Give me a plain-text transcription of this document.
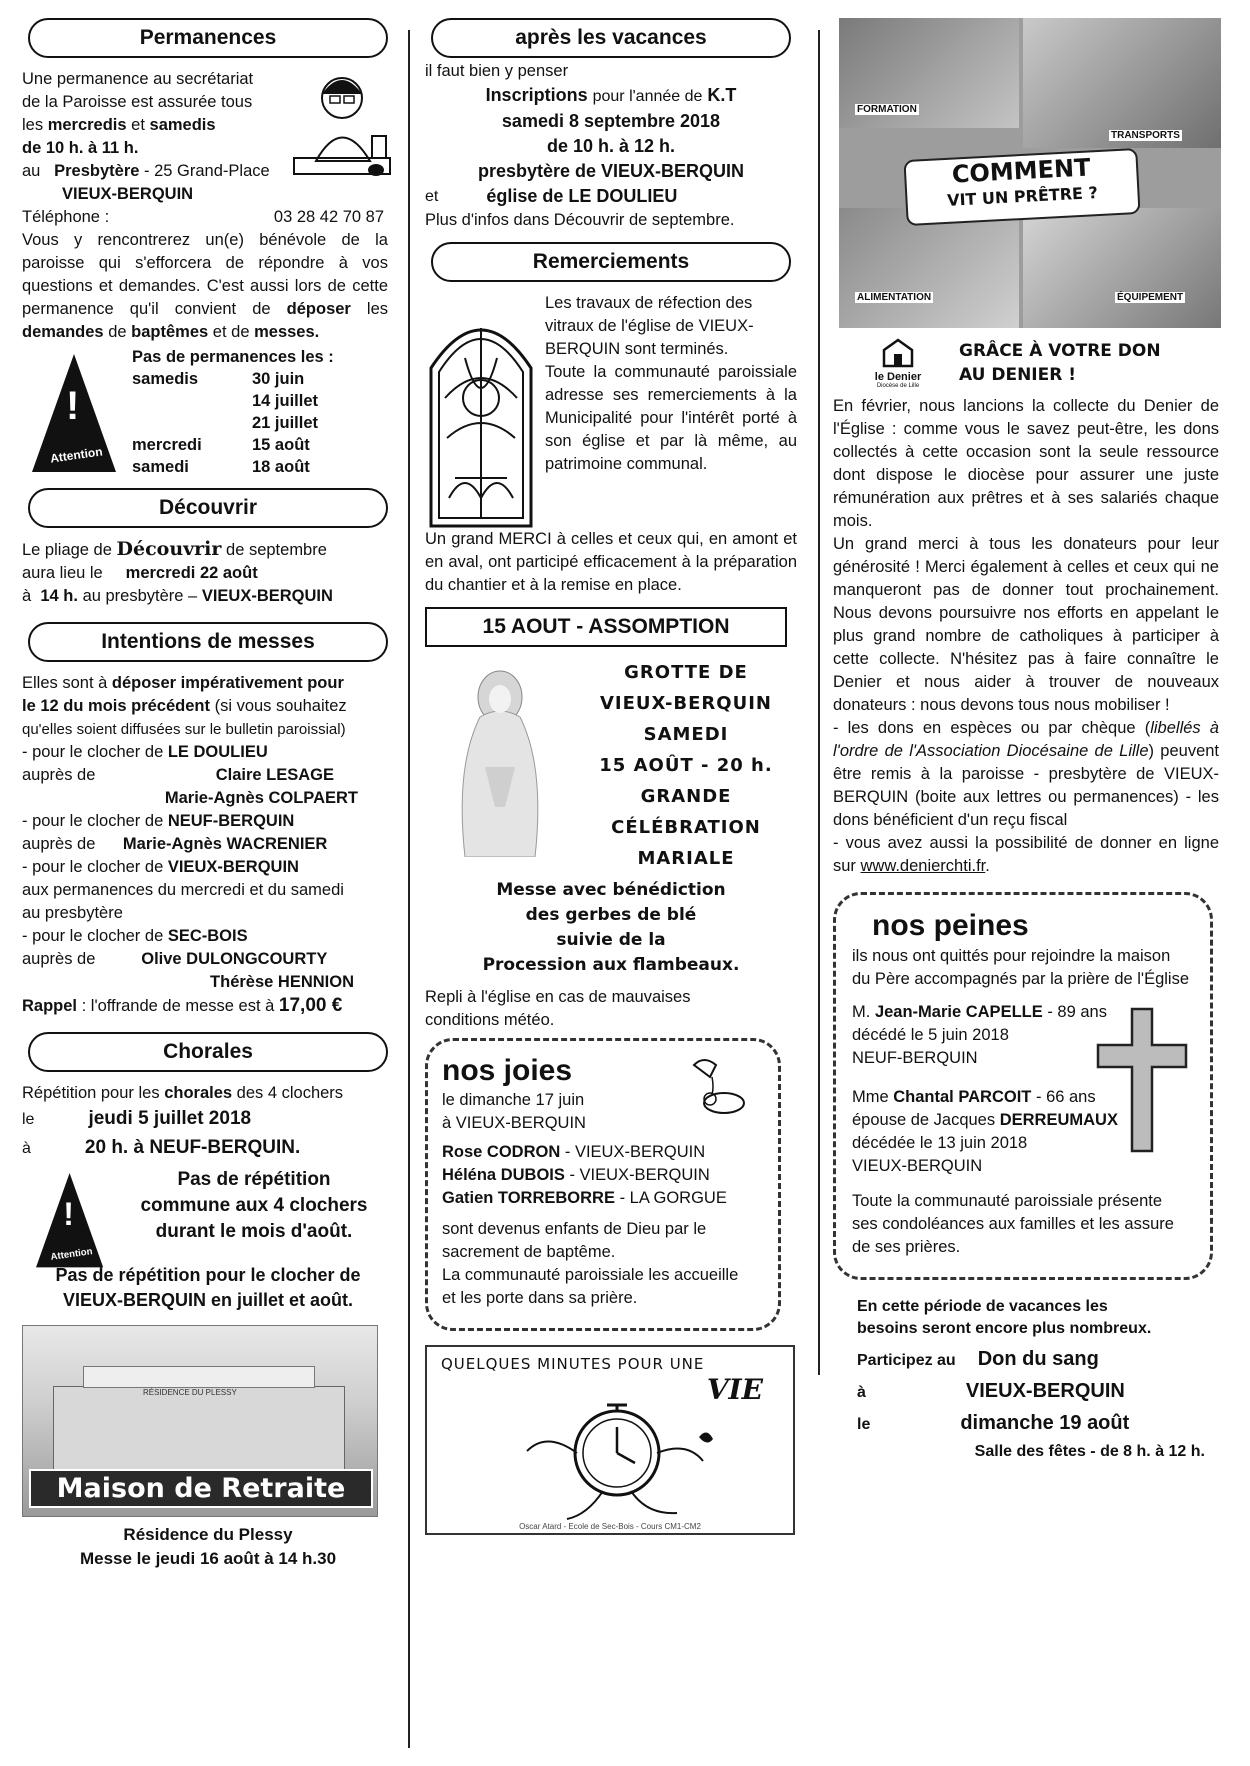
Permanences

Une permanence au secrétariat

de la Paroisse est assurée tous

les mercredis et samedis

de 10 h. à 11 h.

au Presbytère - 25 Grand-Place

VIEUX-BERQUIN

Téléphone :	03 28 42 70 87

Vous y rencontrerez un(e) bénévole de la paroisse qui s'efforcera de répondre à vos questions et demandes. C'est aussi lors de cette permanence qu'il convient de déposer les demandes de baptêmes et de messes.

!
Attention

Pas de permanences les :

samedis	30 juin

14 juillet

21 juillet

mercredi	15 août

samedi	18 août

Découvrir

Le pliage de Découvrir de septembre

aura lieu le mercredi 22 août

à 14 h. au presbytère – VIEUX-BERQUIN

Intentions de messes

Elles sont à déposer impérativement pour

le 12 du mois précédent (si vous souhaitez

qu'elles soient diffusées sur le bulletin paroissial)

- pour le clocher de LE DOULIEU

auprès de	Claire LESAGE

Marie-Agnès COLPAERT

- pour le clocher de NEUF-BERQUIN

auprès de Marie-Agnès WACRENIER

- pour le clocher de VIEUX-BERQUIN

aux permanences du mercredi et du samedi

au presbytère

- pour le clocher de SEC-BOIS

auprès de	Olive DULONGCOURTY

Thérèse HENNION

Rappel : l'offrande de messe est à 17,00 €

Chorales

Répétition pour les chorales des 4 clochers

le	jeudi 5 juillet 2018

à	20 h. à NEUF-BERQUIN.

!
Attention

Pas de répétition

commune aux 4 clochers

durant le mois d'août.

Pas de répétition pour le clocher de

VIEUX-BERQUIN en juillet et août.

RÉSIDENCE DU PLESSY
Maison de Retraite

Résidence du Plessy

Messe le jeudi 16 août à 14 h.30

après les vacances

il faut bien y penser

Inscriptions pour l'année de K.T

samedi 8 septembre 2018

de 10 h. à 12 h.

presbytère de VIEUX-BERQUIN

et	église de LE DOULIEU

Plus d'infos dans Découvrir de septembre.

Remerciements

Les travaux de réfection des

vitraux de l'église de VIEUX-

BERQUIN sont terminés.

Toute la communauté paroissiale adresse ses remerciements à la Municipalité pour l'intérêt porté à son église et par là même, au patrimoine communal.

Un grand MERCI à celles et ceux qui, en amont et en aval, ont participé efficacement à la préparation du chantier et à la remise en place.

15 AOUT - ASSOMPTION

GROTTE DE

VIEUX-BERQUIN

SAMEDI

15 AOÛT - 20 h.

GRANDE

CÉLÉBRATION

MARIALE

Messe avec bénédiction

des gerbes de blé

suivie de la

Procession aux flambeaux.

Repli à l'église en cas de mauvaises

conditions météo.

nos joies

le dimanche 17 juin

à VIEUX-BERQUIN

Rose CODRON - VIEUX-BERQUIN

Héléna DUBOIS - VIEUX-BERQUIN

Gatien TORREBORRE - LA GORGUE

sont devenus enfants de Dieu par le

sacrement de baptême.

La communauté paroissiale les accueille

et les porte dans sa prière.

QUELQUES MINUTES POUR UNE

VIE

Oscar Atard - Ecole de Sec-Bois - Cours CM1-CM2

FORMATION
TRANSPORTS

COMMENT

VIT UN PRÊTRE ?

ALIMENTATION	ÉQUIPEMENT

le Denier

Diocèse de Lille

GRÂCE À VOTRE DON

AU DENIER !

En février, nous lancions la collecte du Denier de l'Église : comme vous le savez peut-être, les dons collectés à cette occasion sont la seule ressource dont dispose le diocèse pour assurer une juste rémunération aux prêtres et à ses salariés chaque mois.

Un grand merci à tous les donateurs pour leur générosité ! Merci également à celles et ceux qui ne manqueront pas de donner tout prochainement. Nous devons poursuivre nos efforts en appelant le plus grand nombre de catholiques à participer à cette collecte. N'hésitez pas à faire connaître le Denier et nous aider à trouver de nouveaux donateurs : nous devons tous nous mobiliser !

- les dons en espèces ou par chèque (libellés à l'ordre de l'Association Diocésaine de Lille) peuvent être remis à la paroisse - presbytère de VIEUX-BERQUIN (boite aux lettres ou permanences) - les dons bénéficient d'un reçu fiscal

- vous avez aussi la possibilité de donner en ligne sur www.denierchti.fr.

nos peines

ils nous ont quittés pour rejoindre la maison

du Père accompagnés par la prière de l'Église

M. Jean-Marie CAPELLE - 89 ans

décédé le 5 juin 2018

NEUF-BERQUIN

Mme Chantal PARCOIT - 66 ans

épouse de Jacques DERREUMAUX

décédée le 13 juin 2018

VIEUX-BERQUIN

Toute la communauté paroissiale présente

ses condoléances aux familles et les assure

de ses prières.

En cette période de vacances les

besoins seront encore plus nombreux.

Participez au Don du sang

à	VIEUX-BERQUIN

le	dimanche 19 août

Salle des fêtes - de 8 h. à 12 h.
